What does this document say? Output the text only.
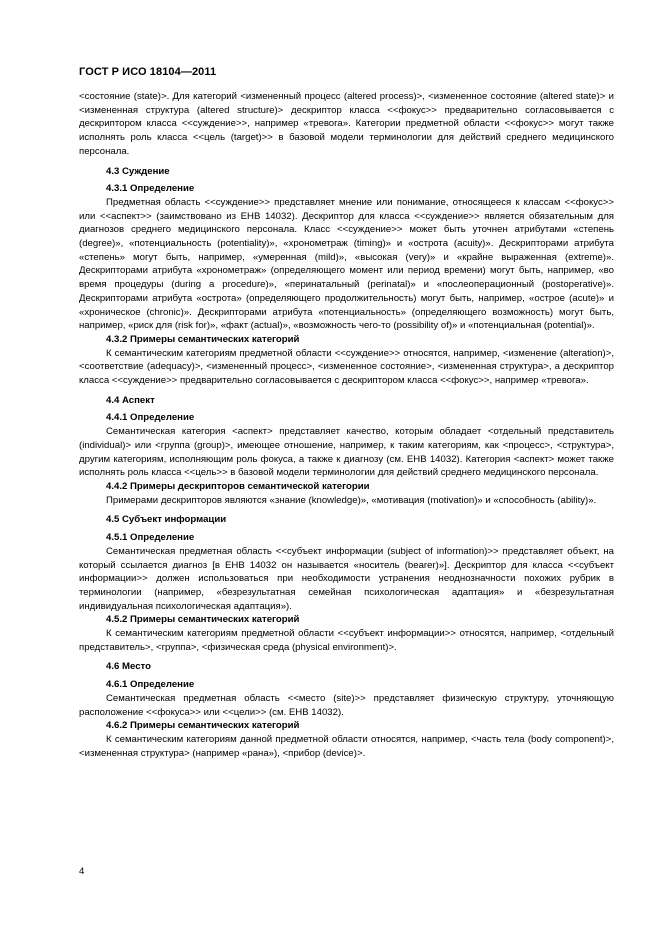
ГОСТ Р ИСО 18104—2011

<состояние (state)>. Для категорий <измененный процесс (altered process)>, <измененное состояние (altered state)> и <измененная структура (altered structure)> дескриптор класса <<фокус>> предварительно согласовывается с дескриптором класса <<суждение>>, например «тревога». Категории предметной области <<фокус>> могут также исполнять роль класса <<цель (target)>> в базовой модели терминологии для действий среднего медицинского персонала.

4.3 Суждение

4.3.1 Определение

Предметная область <<суждение>> представляет мнение или понимание, относящееся к классам <<фокус>> или <<аспект>> (заимствовано из ЕНВ 14032). Дескриптор для класса <<суждение>> является обязательным для диагнозов среднего медицинского персонала. Класс <<суждение>> может быть уточнен атрибутами «степень (degree)», «потенциальность (potentiality)», «хронометраж (timing)» и «острота (acuity)». Дескрипторами атрибута «степень» могут быть, например, «умеренная (mild)», «высокая (very)» и «крайне выраженная (extreme)». Дескрипторами атрибута «хронометраж» (определяющего момент или период времени) могут быть, например, «во время процедуры (during a procedure)», «перинатальный (perinatal)» и «послеоперационный (postoperative)». Дескрипторами атрибута «острота» (определяющего продолжительность) могут быть, например, «острое (acute)» и «хроническое (chronic)». Дескрипторами атрибута «потенциальность» (определяющего возможность) могут быть, например, «риск для (risk for)», «факт (actual)», «возможность чего-то (possibility of)» и «потенциальная (potential)».

4.3.2 Примеры семантических категорий

К семантическим категориям предметной области <<суждение>> относятся, например, <изменение (alteration)>, <соответствие (adequacy)>, <измененный процесс>, <измененное состояние>, <измененная структура>, а дескриптор класса <<суждение>> предварительно согласовывается с дескриптором класса <<фокус>>, например «тревога».

4.4 Аспект

4.4.1 Определение

Семантическая категория <аспект> представляет качество, которым обладает <отдельный представитель (individual)> или <группа (group)>, имеющее отношение, например, к таким категориям, как <процесс>, <структура>, другим категориям, исполняющим роль фокуса, а также к диагнозу (см. ЕНВ 14032). Категория <аспект> может также исполнять роль класса <<цель>> в базовой модели терминологии для действий среднего медицинского персонала.

4.4.2 Примеры дескрипторов семантической категории

Примерами дескрипторов являются «знание (knowledge)», «мотивация (motivation)» и «способность (ability)».

4.5 Субъект информации

4.5.1 Определение

Семантическая предметная область <<субъект информации (subject of information)>> представляет объект, на который ссылается диагноз [в ЕНВ 14032 он называется «носитель (bearer)»]. Дескриптор для класса <<субъект информации>> должен использоваться при необходимости устранения неоднозначности похожих рубрик в терминологии (например, «безрезультатная семейная психологическая адаптация» и «безрезультатная индивидуальная психологическая адаптация»).

4.5.2 Примеры семантических категорий

К семантическим категориям предметной области <<субъект информации>> относятся, например, <отдельный представитель>, <группа>, <физическая среда (physical environment)>.

4.6 Место

4.6.1 Определение

Семантическая предметная область <<место (site)>> представляет физическую структуру, уточняющую расположение <<фокуса>> или <<цели>> (см. ЕНВ 14032).

4.6.2 Примеры семантических категорий

К семантическим категориям данной предметной области относятся, например, <часть тела (body component)>, <измененная структура> (например «рана»), <прибор (device)>.

4
